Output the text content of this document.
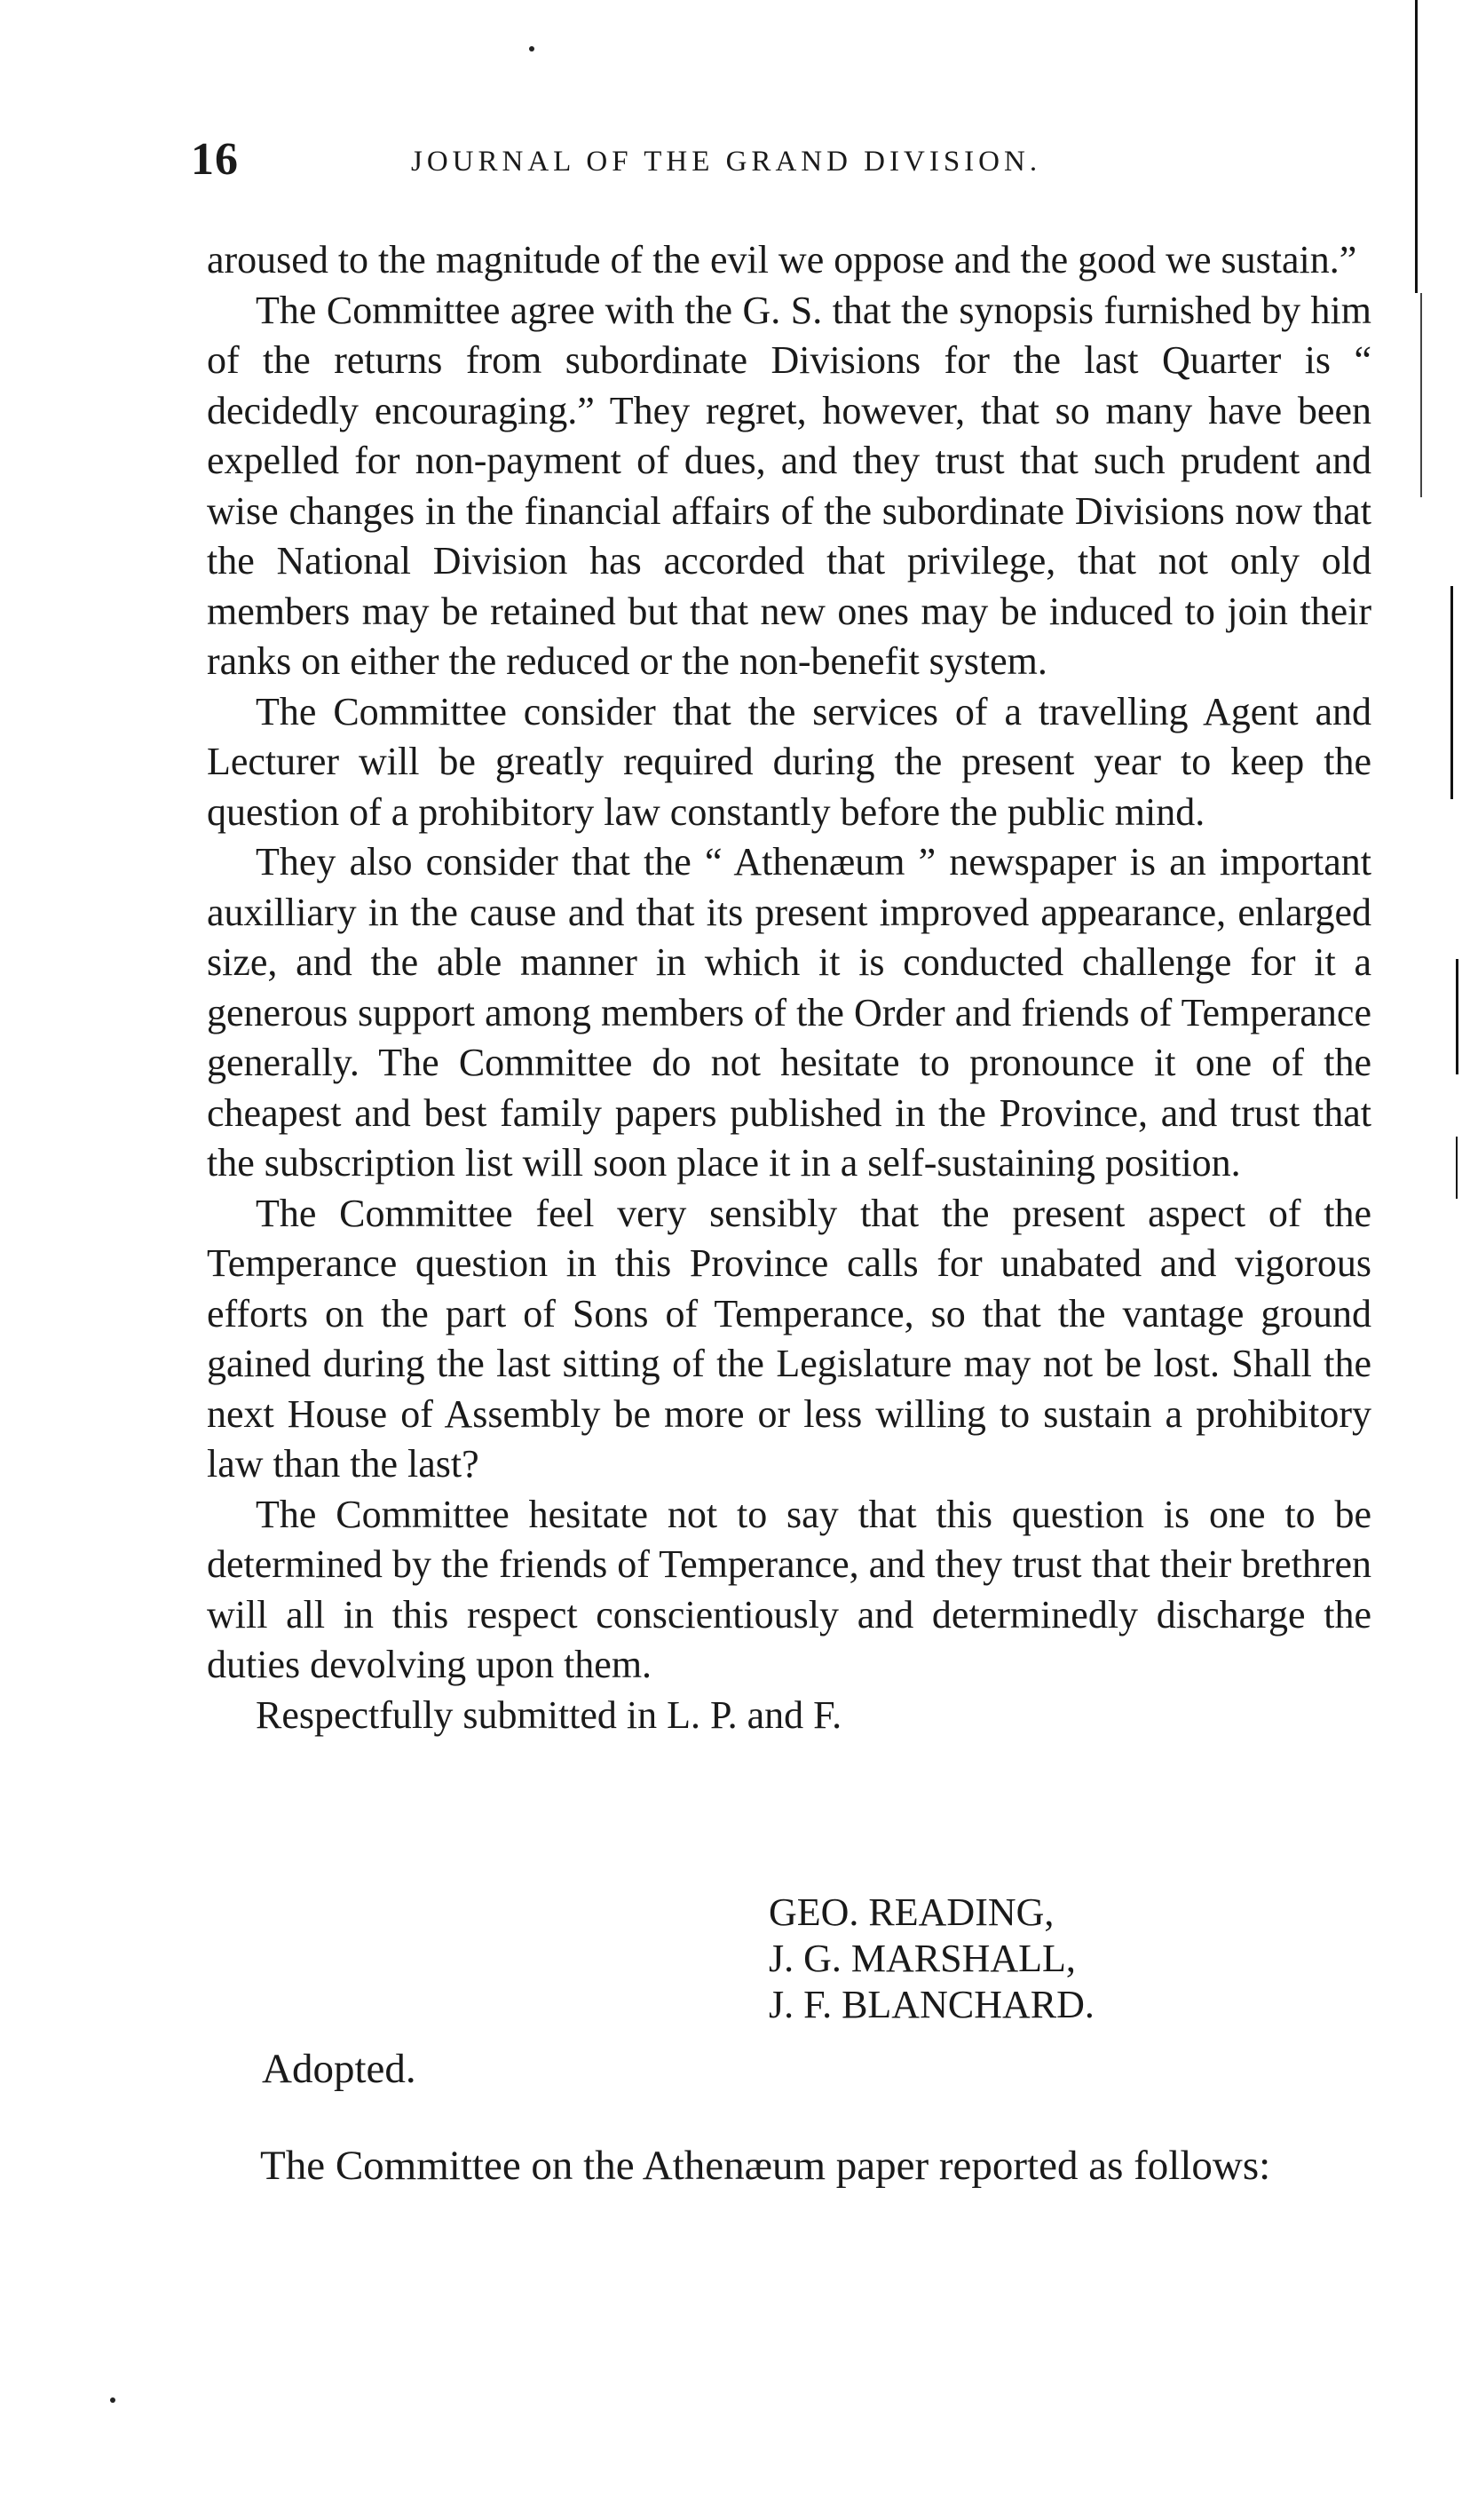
16	JOURNAL OF THE GRAND DIVISION.

aroused to the magnitude of the evil we oppose and the good we sustain.”

The Committee agree with the G. S. that the synopsis furnished by him of the returns from subordinate Divisions for the last Quarter is “ decidedly encouraging.” They regret, however, that so many have been expelled for non-payment of dues, and they trust that such prudent and wise changes in the financial affairs of the subordinate Divisions now that the National Division has accorded that privilege, that not only old members may be retained but that new ones may be induced to join their ranks on either the reduced or the non-benefit system.

The Committee consider that the services of a travelling Agent and Lecturer will be greatly required during the present year to keep the question of a prohibitory law constantly before the public mind.

They also consider that the “ Athenæum ” newspaper is an important auxilliary in the cause and that its present improved appearance, enlarged size, and the able manner in which it is conducted challenge for it a generous support among members of the Order and friends of Temperance generally. The Committee do not hesitate to pronounce it one of the cheapest and best family papers published in the Province, and trust that the subscription list will soon place it in a self-sustaining position.

The Committee feel very sensibly that the present aspect of the Temperance question in this Province calls for unabated and vigorous efforts on the part of Sons of Temperance, so that the vantage ground gained during the last sitting of the Legislature may not be lost. Shall the next House of Assembly be more or less willing to sustain a prohibitory law than the last?

The Committee hesitate not to say that this question is one to be determined by the friends of Temperance, and they trust that their brethren will all in this respect conscientiously and determinedly discharge the duties devolving upon them.

Respectfully submitted in L. P. and F.

GEO. READING,
J. G. MARSHALL,
J. F. BLANCHARD.
Adopted.

The Committee on the Athenæum paper reported as follows:
